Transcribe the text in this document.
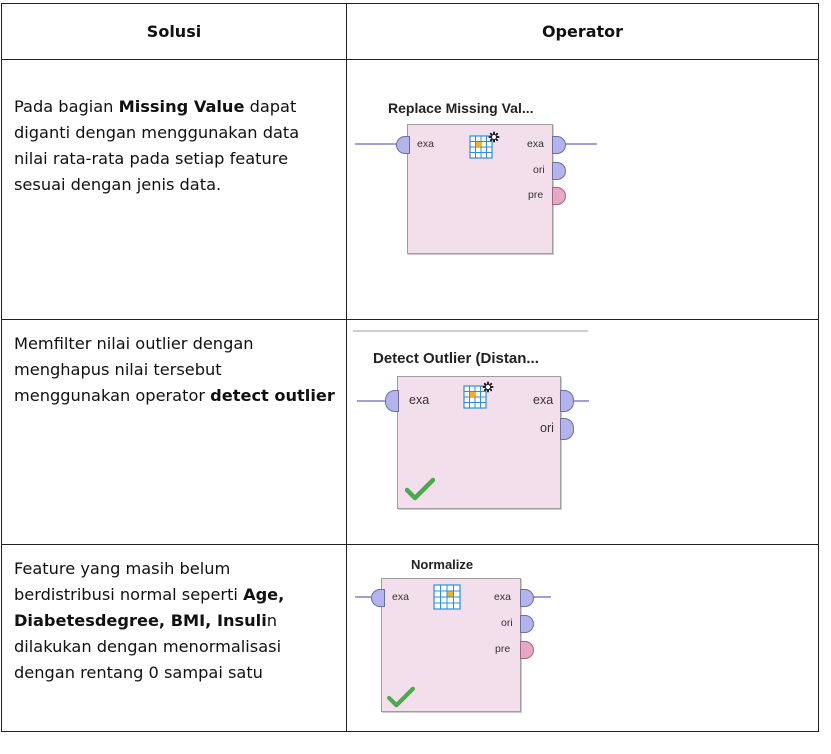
Solusi	Operator

Pada bagian Missing Value dapat diganti dengan menggunakan data nilai rata-rata pada setiap feature sesuai dengan jenis data.	Replace Missing Val...
exa exa
ori
pre

Memfilter nilai outlier dengan menghapus nilai tersebut menggunakan operator detect outlier	Detect Outlier (Distan...
exa exa
ori

Feature yang masih belum berdistribusi normal seperti Age, Diabetesdegree, BMI, Insulin dilakukan dengan menormalisasi dengan rentang 0 sampai satu	Normalize
exa exa
ori
pre
